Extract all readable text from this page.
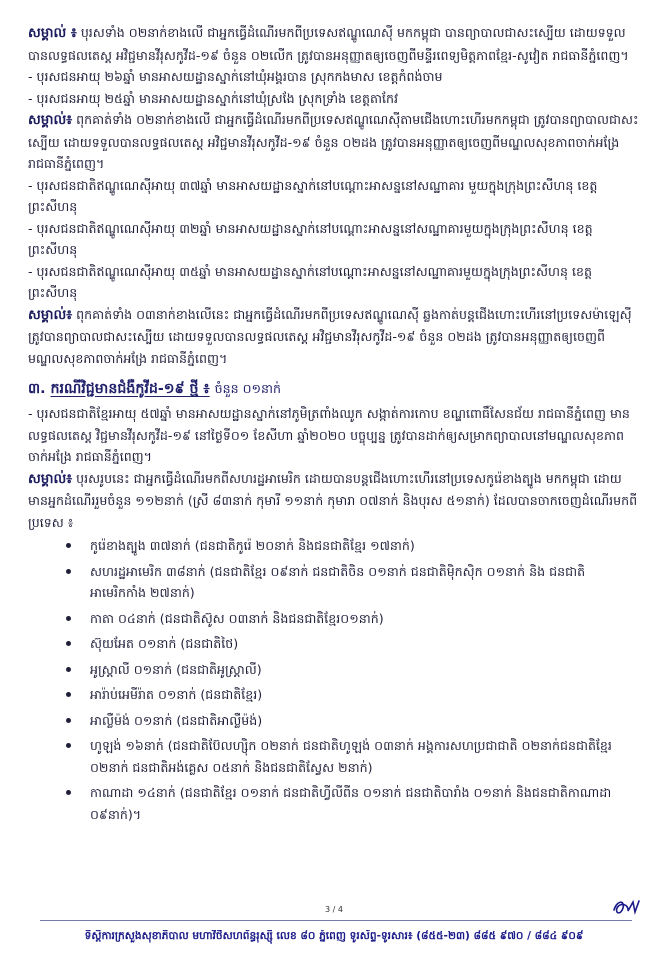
សម្គាល់ ៖ បុរសទាំង ០២នាក់ខាងលើ ជាអ្នកធ្វើដំណើរមកពីប្រទេសឥណ្ឌូណេស៊ី មកកម្ពុជា បានព្យាបាលជាសះស្បើយ ដោយទទួលបានលទ្ធផលតេស្ត អវិជ្ជមានវីរុសកូវីដ-១៩ ចំនួន ០២លើក ត្រូវបានអនុញ្ញាតឲ្យចេញពីមន្ទីរពេទ្យមិត្តភាពខ្មែរ-សូវៀត រាជធានីភ្នំពេញ។

- បុរសជនអាយុ ២៦ឆ្នាំ មានអាសយដ្ឋានស្នាក់នៅឃុំអង្គរបាន ស្រុកកងមាស ខេត្តកំពង់ចាម

- បុរសជនអាយុ ២៥ឆ្នាំ មានអាសយដ្ឋានស្នាក់នៅឃុំស្រងែ ស្រុកទ្រាំង ខេត្តតាកែវ

សម្គាល់៖ ពុកគាត់ទាំង ០២នាក់ខាងលើ ជាអ្នកធ្វើដំណើរមកពីប្រទេសឥណ្ឌូណេស៊ីតាមជើងហោះហើរមកកម្ពុជា ត្រូវបានព្យាបាលជាសះស្បើយ ដោយទទួលបានលទ្ធផលតេស្ត អវិជ្ជមានវីរុសកូវីដ-១៩ ចំនួន ០២ដង ត្រូវបានអនុញ្ញាតឲ្យចេញពីមណ្ឌលសុខភាពចាក់អង្រែ រាជធានីភ្នំពេញ។

- បុរសជនជាតិឥណ្ឌូណេស៊ីអាយុ ៣៧ឆ្នាំ មានអាសយដ្ឋានស្នាក់នៅបណ្ដោះអាសន្ននៅសណ្ឋាគារ មួយក្នុងក្រុងព្រះសីហនុ ខេត្តព្រះសីហនុ

- បុរសជនជាតិឥណ្ឌូណេស៊ីអាយុ ៣២ឆ្នាំ មានអាសយដ្ឋានស្នាក់នៅបណ្ដោះអាសន្ននៅសណ្ឋាគារមួយក្នុងក្រុងព្រះសីហនុ ខេត្តព្រះសីហនុ

- បុរសជនជាតិឥណ្ឌូណេស៊ីអាយុ ៣៥ឆ្នាំ មានអាសយដ្ឋានស្នាក់នៅបណ្ដោះអាសន្ននៅសណ្ឋាគារមួយក្នុងក្រុងព្រះសីហនុ ខេត្តព្រះសីហនុ

សម្គាល់៖ ពុកគាត់ទាំង ០៣នាក់ខាងលើនេះ ជាអ្នកធ្វើដំណើរមកពីប្រទេសឥណ្ឌូណេស៊ី ឆ្លងកាត់បន្តជើងហោះហើរនៅប្រទេសម៉ាឡេស៊ី ត្រូវបានព្យាបាលជាសះស្បើយ ដោយទទួលបានលទ្ធផលតេស្ត អវិជ្ជមានវីរុសកូវីដ-១៩ ចំនួន ០២ដង ត្រូវបានអនុញ្ញាតឲ្យចេញពីមណ្ឌលសុខភាពចាក់អង្រែ រាជធានីភ្នំពេញ។

៣. ករណីវិជ្ជមានជំងឺកូវីដ-១៩ ថ្មី ៖ ចំនួន ០១នាក់

- បុរសជនជាតិខ្មែរអាយុ ៥៧ឆ្នាំ មានអាសយដ្ឋានស្នាក់នៅភូមិត្រពាំងឈូក សង្កាត់ការកោប ខណ្ឌពោធិ៍សែនជ័យ រាជធានីភ្នំពេញ មានលទ្ធផលតេស្ត វិជ្ជមានវីរុសកូវីដ-១៩ នៅថ្ងៃទី០១ ខែសីហា ឆ្នាំ២០២០ បច្ចុប្បន្ន ត្រូវបានដាក់ឲ្យសម្រាកព្យាបាលនៅមណ្ឌលសុខភាពចាក់អង្រែ រាជធានីភ្នំពេញ។

សម្គាល់៖ បុរសរូបនេះ ជាអ្នកធ្វើដំណើរមកពីសហរដ្ឋអាមេរិក ដោយបានបន្តជើងហោះហើរនៅប្រទេសកូរ៉េខាងត្បូង មកកម្ពុជា ដោយមានអ្នកដំណើររួមចំនួន ១១២នាក់ (ស្រី ៨៣នាក់ កុមារី ១១នាក់ កុមារា ០៧នាក់ និងបុរស ៥១នាក់) ដែលបានចាកចេញដំណើរមកពីប្រទេស ៖

កូរ៉េខាងត្បូង ៣៧នាក់ (ជនជាតិកូរ៉េ ២០នាក់ និងជនជាតិខ្មែរ ១៧នាក់)
សហរដ្ឋអាមេរិក ៣៨នាក់ (ជនជាតិខ្មែរ ០៩នាក់ ជនជាតិចិន ០១នាក់ ជនជាតិម៉ិកស៊ិក ០១នាក់ និង ជនជាតិអាមេរិកកាំង ២៧នាក់)
កាតា ០៤នាក់ (ជនជាតិស៊ូស ០៣នាក់ និងជនជាតិខ្មែរ០១នាក់)
ស៊ុយអែត ០១នាក់ (ជនជាតិថៃ)
អូស្ត្រាលី ០១នាក់ (ជនជាតិអូស្ត្រាលី)
អារ៉ាប់អេមីរ៉ាត ០១នាក់ (ជនជាតិខ្មែរ)
អាល្លឺម៉ង់ ០១នាក់ (ជនជាតិអាល្លឺម៉ង់)
ហូឡង់ ១៦នាក់ (ជនជាតិប៊ែលហ្ស៊ិក ០២នាក់ ជនជាតិហូឡង់ ០៣នាក់ អង្គការសហប្រជាជាតិ ០២នាក់ជនជាតិខ្មែរ ០២នាក់ ជនជាតិអង់គ្លេស ០៥នាក់ និងជនជាតិស្វែស ២នាក់)
កាណាដា ១៤នាក់ (ជនជាតិខ្មែរ ០១នាក់ ជនជាតិហ្វីលីពីន ០១នាក់ ជនជាតិបារាំង ០១នាក់ និងជនជាតិកាណាដា ០៩នាក់)។
3 / 4
ទីស្ដីការក្រសួងសុខាភិបាល មហាវិថីសហព័ន្ធរុស្ស៊ី លេខ ៨០ ភ្នំពេញ ទូរស័ព្ទ-ទូរសារ៖ (៨៥៥-២៣) ៨៨៥ ៩៧០ / ៨៨៤ ៩០៩
